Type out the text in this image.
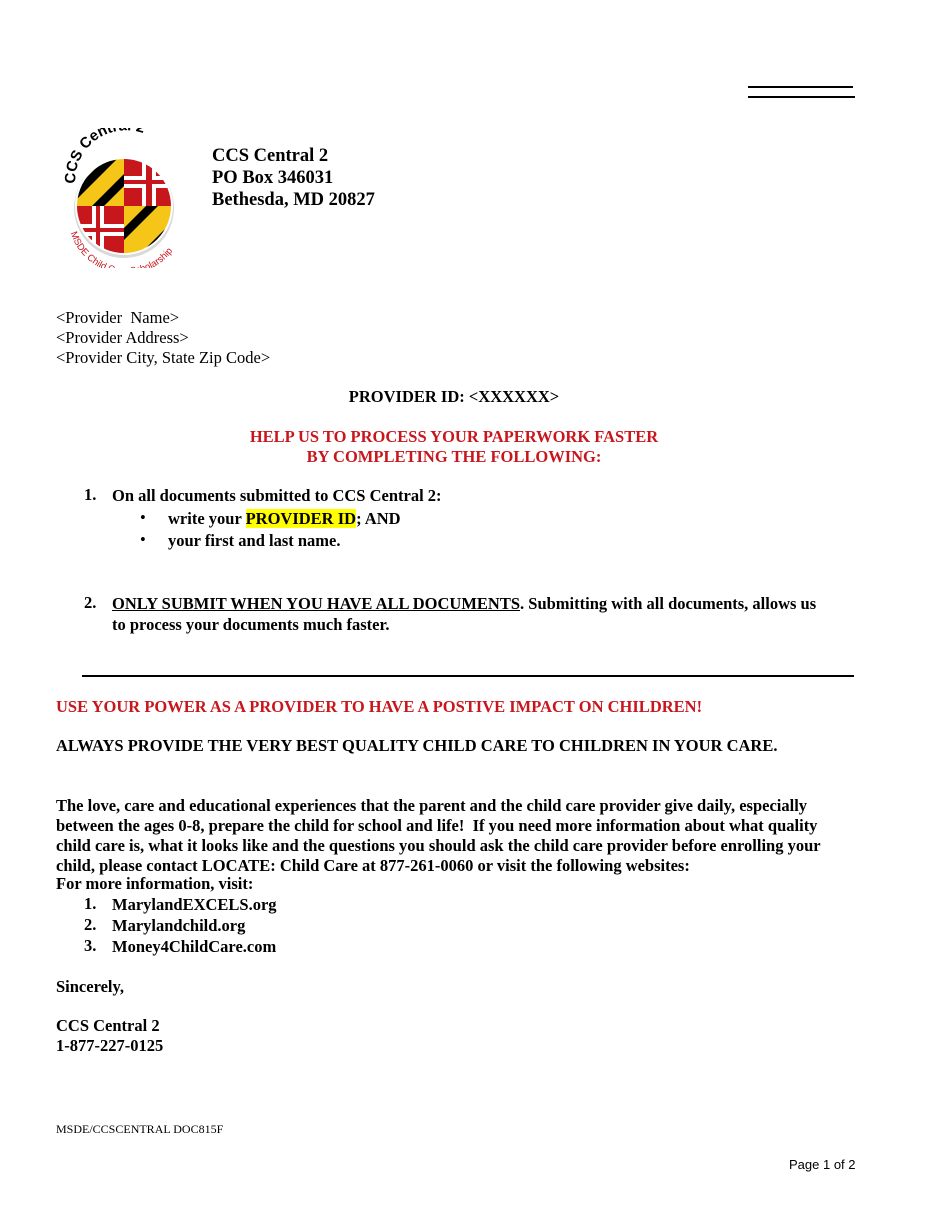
CCS Cent
MSDE Child olarship
CCS Central 2
PO Box 346031
Bethesda, MD 20827
<Provider  Name>
<Provider Address>
<Provider City, State Zip Code>
PROVIDER ID: <XXXXXX>
HELP US TO PROCESS YOUR PAPERWORK FASTER
BY COMPLETING THE FOLLOWING:
1. On all documents submitted to CCS Central 2:
• write your PROVIDER ID; AND
• your first and last name.
2. ONLY SUBMIT WHEN YOU HAVE ALL DOCUMENTS. Submitting with all documents, allows us
to process your documents much faster.
USE YOUR POWER AS A PROVIDER TO HAVE A POSTIVE IMPACT ON CHILDREN!
ALWAYS PROVIDE THE VERY BEST QUALITY CHILD CARE TO CHILDREN IN YOUR CARE.

The love, care and educational experiences that the parent and the child care provider give daily, especially
between the ages 0-8, prepare the child for school and life!  If you need more information about what quality
child care is, what it looks like and the questions you should ask the child care provider before enrolling your
child, please contact LOCATE: Child Care at 877-261-0060 or visit the following websites:

For more information, visit:
1. MarylandEXCELS.org
2. Marylandchild.org
3. Money4ChildCare.com
Sincerely,
CCS Central 2
1-877-227-0125
MSDE/CCSCENTRAL DOC815F
Page 1 of 2
